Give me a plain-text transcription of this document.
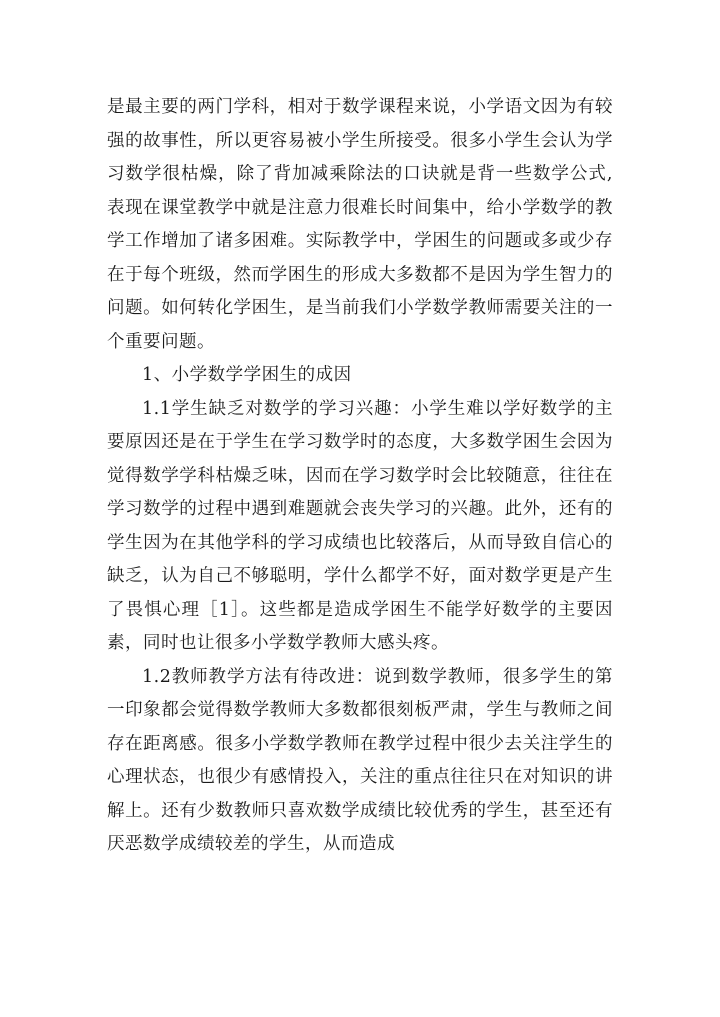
是最主要的两门学科，相对于数学课程来说，小学语文因为有较强的故事性，所以更容易被小学生所接受。很多小学生会认为学习数学很枯燥，除了背加减乘除法的口诀就是背一些数学公式,表现在课堂教学中就是注意力很难长时间集中，给小学数学的教学工作增加了诸多困难。实际教学中，学困生的问题或多或少存在于每个班级，然而学困生的形成大多数都不是因为学生智力的问题。如何转化学困生，是当前我们小学数学教师需要关注的一个重要问题。

1、小学数学学困生的成因

1.1学生缺乏对数学的学习兴趣：小学生难以学好数学的主要原因还是在于学生在学习数学时的态度，大多数学困生会因为觉得数学学科枯燥乏味，因而在学习数学时会比较随意，往往在学习数学的过程中遇到难题就会丧失学习的兴趣。此外，还有的学生因为在其他学科的学习成绩也比较落后，从而导致自信心的缺乏，认为自己不够聪明，学什么都学不好，面对数学更是产生了畏惧心理［1］。这些都是造成学困生不能学好数学的主要因素，同时也让很多小学数学教师大感头疼。

1.2教师教学方法有待改进：说到数学教师，很多学生的第一印象都会觉得数学教师大多数都很刻板严肃，学生与教师之间存在距离感。很多小学数学教师在教学过程中很少去关注学生的心理状态，也很少有感情投入，关注的重点往往只在对知识的讲解上。还有少数教师只喜欢数学成绩比较优秀的学生，甚至还有厌恶数学成绩较差的学生，从而造成
